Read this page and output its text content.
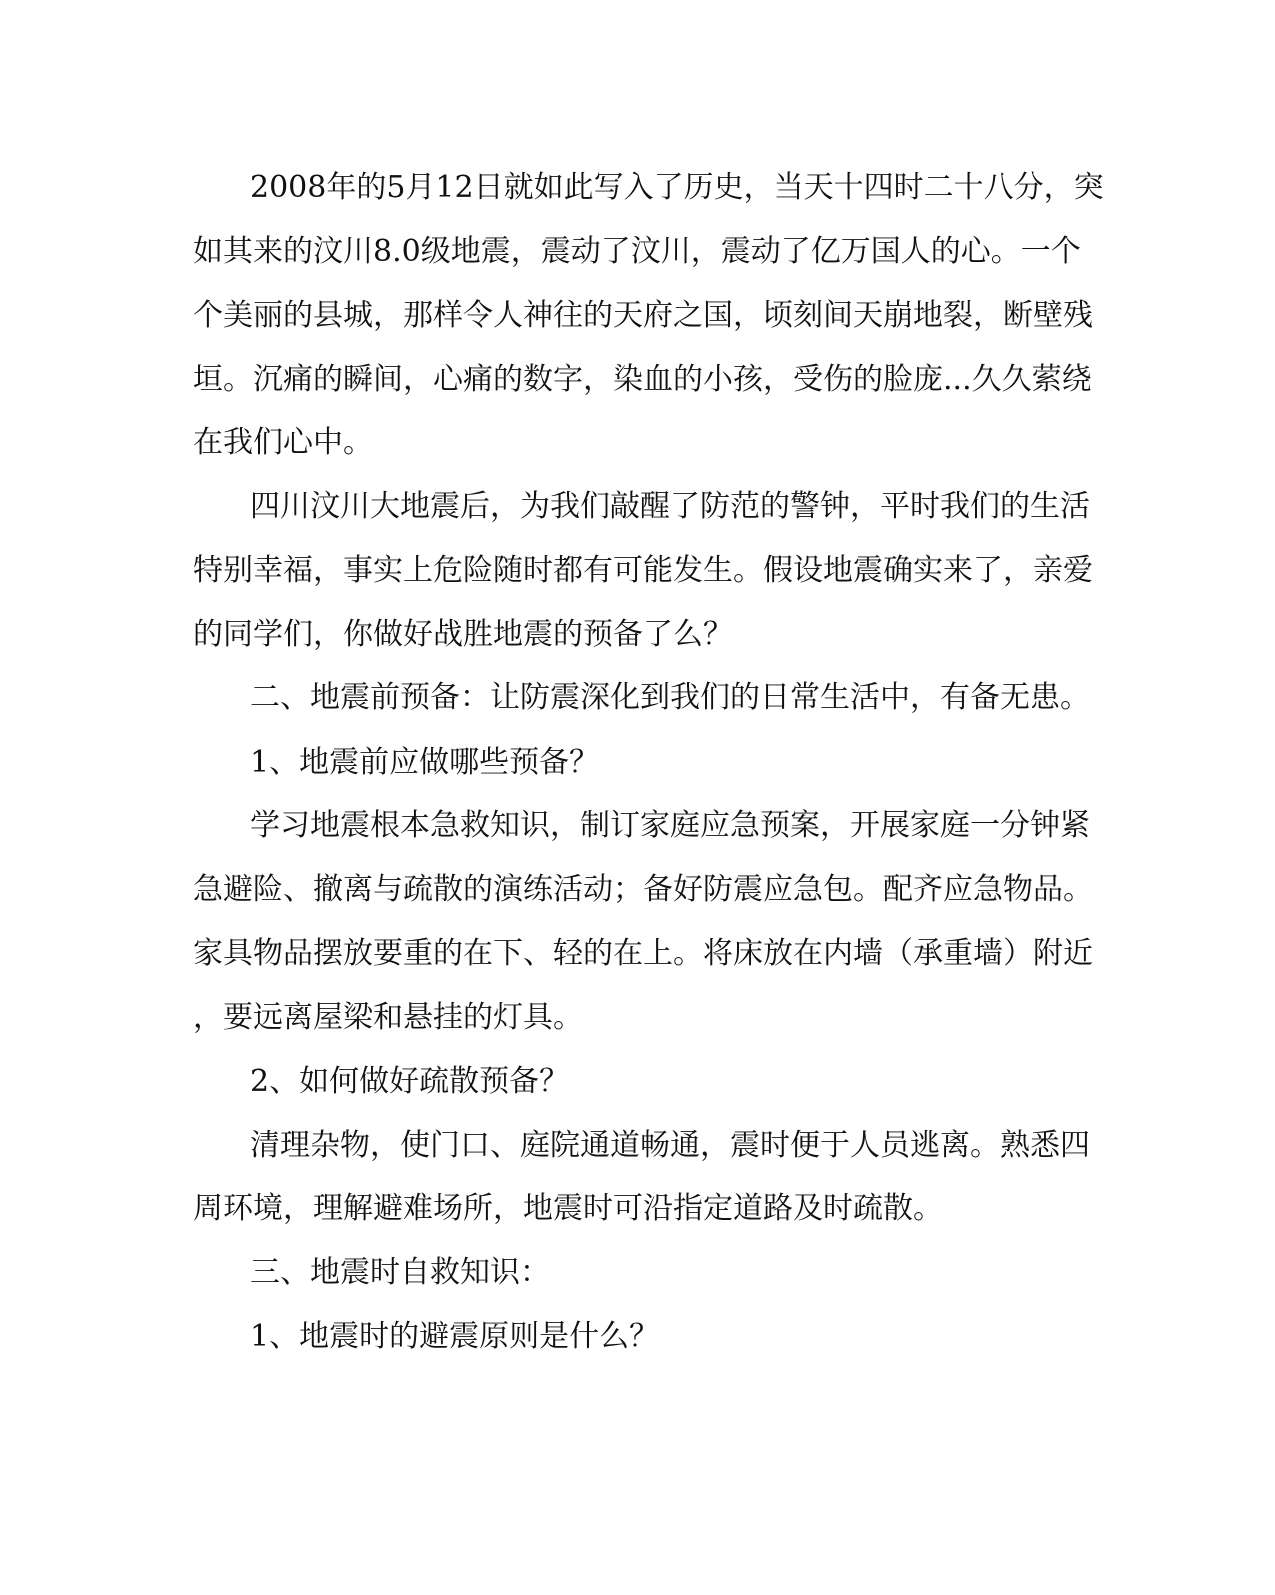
2008年的5月12日就如此写入了历史，当天十四时二十八分，突
如其来的汶川8.0级地震，震动了汶川，震动了亿万国人的心。一个
个美丽的县城，那样令人神往的天府之国，顷刻间天崩地裂，断壁残
垣。沉痛的瞬间，心痛的数字，染血的小孩，受伤的脸庞...久久萦绕
在我们心中。
四川汶川大地震后，为我们敲醒了防范的警钟，平时我们的生活
特别幸福，事实上危险随时都有可能发生。假设地震确实来了，亲爱
的同学们，你做好战胜地震的预备了么？
二、地震前预备：让防震深化到我们的日常生活中，有备无患。
1、地震前应做哪些预备？
学习地震根本急救知识，制订家庭应急预案，开展家庭一分钟紧
急避险、撤离与疏散的演练活动；备好防震应急包。配齐应急物品。
家具物品摆放要重的在下、轻的在上。将床放在内墙（承重墙）附近
，要远离屋梁和悬挂的灯具。
2、如何做好疏散预备？
清理杂物，使门口、庭院通道畅通，震时便于人员逃离。熟悉四
周环境，理解避难场所，地震时可沿指定道路及时疏散。
三、地震时自救知识：
1、地震时的避震原则是什么？
